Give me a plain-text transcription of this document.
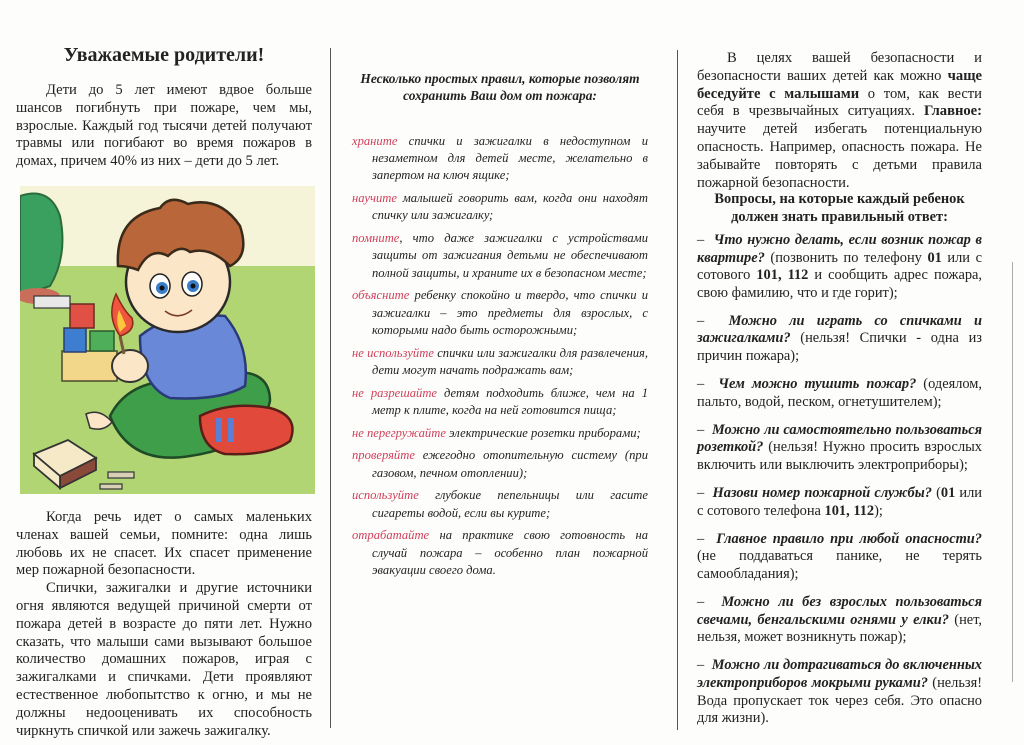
Уважаемые родители!

Дети до 5 лет имеют вдвое больше шансов погибнуть при пожаре, чем мы, взрослые. Каждый год тысячи детей получают травмы или погибают во время пожаров в домах, причем 40% из них – дети до 5 лет.

Когда речь идет о самых маленьких членах вашей семьи, помните: одна лишь любовь их не спасет. Их спасет применение мер пожарной безопасности.

Спички, зажигалки и другие источники огня являются ведущей причиной смерти от пожара детей в возрасте до пяти лет. Нужно сказать, что малыши сами вызывают большое количество домашних пожаров, играя с зажигалками и спичками. Дети проявляют естественное любопытство к огню, и мы не должны недооценивать их способность чиркнуть спичкой или зажечь зажигалку.

Несколько простых правил, которые позволят сохранить Ваш дом от пожара:
храните спички и зажигалки в недоступном и незаметном для детей месте, желательно в запертом на ключ ящике;
научите малышей говорить вам, когда они находят спичку или зажигалку;
помните, что даже зажигалки с устройствами защиты от зажигания детьми не обеспечивают полной защиты, и храните их в безопасном месте;
объясните ребенку спокойно и твердо, что спички и зажигалки – это предметы для взрослых, с которыми надо быть осторожными;
не используйте спички или зажигалки для развлечения, дети могут начать подражать вам;
не разрешайте детям подходить ближе, чем на 1 метр к плите, когда на ней готовится пища;
не перегружайте электрические розетки приборами;
проверяйте ежегодно отопительную систему (при газовом, печном отоплении);
используйте глубокие пепельницы или гасите сигареты водой, если вы курите;
отрабатайте на практике свою готовность на случай пожара – особенно план пожарной эвакуации своего дома.

В целях вашей безопасности и безопасности ваших детей как можно чаще беседуйте с малышами о том, как вести себя в чрезвычайных ситуациях. Главное: научите детей избегать потенциальную опасность. Например, опасность пожара. Не забывайте повторять с детьми правила пожарной безопасности.

Вопросы, на которые каждый ребенок должен знать правильный ответ:
– Что нужно делать, если возник пожар в квартире? (позвонить по телефону 01 или с сотового 101, 112 и сообщить адрес пожара, свою фамилию, что и где горит);
– Можно ли играть со спичками и зажигалками? (нельзя! Спички - одна из причин пожара);
– Чем можно тушить пожар? (одеялом, пальто, водой, песком, огнетушителем);
– Можно ли самостоятельно пользоваться розеткой? (нельзя! Нужно просить взрослых включить или выключить электроприборы);
– Назови номер пожарной службы? (01 или с сотового телефона 101, 112);
– Главное правило при любой опасности? (не поддаваться панике, не терять самообладания);
– Можно ли без взрослых пользоваться свечами, бенгальскими огнями у елки? (нет, нельзя, может возникнуть пожар);
– Можно ли дотрагиваться до включенных электроприборов мокрыми руками? (нельзя! Вода пропускает ток через себя. Это опасно для жизни).
